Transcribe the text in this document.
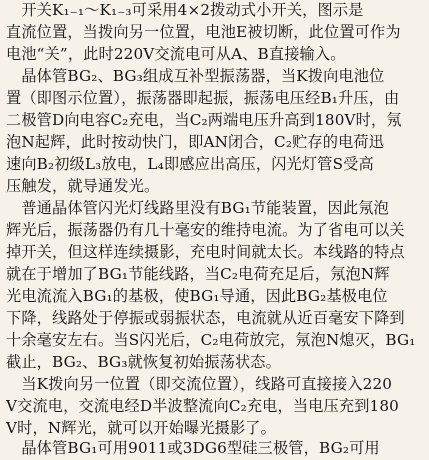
　开关K₁₋₁～K₁₋₃可采用4×2拨动式小开关，图示是
直流位置，当拨向另一位置，电池E被切断，此位置可作为
电池“关”，此时220V交流电可从A、B直接输入。
　晶体管BG₂、BG₃组成互补型振荡器，当K拨向电池位
置（即图示位置），振荡器即起振，振荡电压经B₁升压，由
二极管D向电容C₂充电，当C₂两端电压升高到180V时，氖
泡N起辉，此时按动快门，即AN闭合，C₂贮存的电荷迅
速向B₂初级L₃放电，L₄即感应出高压，闪光灯管S受高
压触发，就导通发光。
　普通晶体管闪光灯线路里没有BG₁节能装置，因此氖泡
辉光后，振荡器仍有几十毫安的维持电流。为了省电可以关
掉开关，但这样连续摄影，充电时间就太长。本线路的特点
就在于增加了BG₁节能线路，当C₂电荷充足后，氖泡N辉
光电流流入BG₁的基极，使BG₁导通，因此BG₂基极电位
下降，线路处于停振或弱振状态，电流就从近百毫安下降到
十余毫安左右。当S闪光后，C₂电荷放完，氖泡N熄灭，BG₁
截止，BG₂、BG₃就恢复初始振荡状态。
　当K拨向另一位置（即交流位置），线路可直接接入220
V交流电，交流电经D半波整流向C₂充电，当电压充到180
V时，N辉光，就可以开始曝光摄影了。
　晶体管BG₁可用9011或3DG6型硅三极管，BG₂可用
